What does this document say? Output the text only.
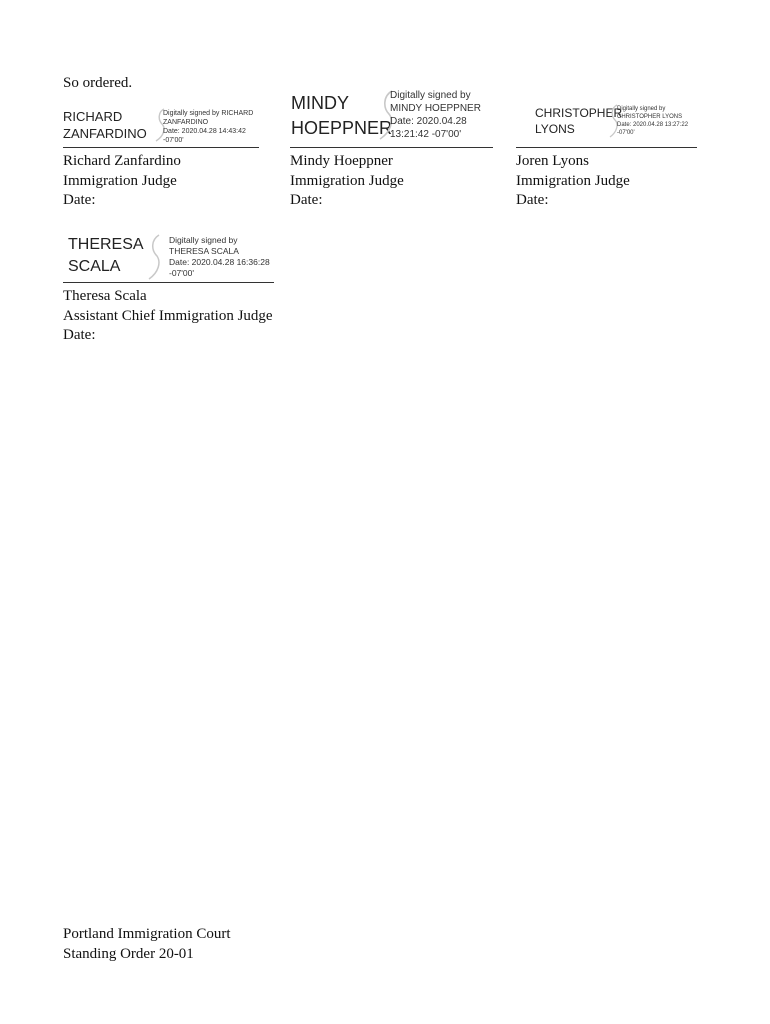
So ordered.
RICHARD
ZANFARDINO
Digitally signed by RICHARD
ZANFARDINO
Date: 2020.04.28 14:43:42
-07'00'
Richard Zanfardino
Immigration Judge
Date:
MINDY
HOEPPNER
Digitally signed by
MINDY HOEPPNER
Date: 2020.04.28
13:21:42 -07'00'
Mindy Hoeppner
Immigration Judge
Date:
CHRISTOPHER
LYONS
Digitally signed by
CHRISTOPHER LYONS
Date: 2020.04.28 13:27:22
-07'00'
Joren Lyons
Immigration Judge
Date:
THERESA
SCALA
Digitally signed by
THERESA SCALA
Date: 2020.04.28 16:36:28
-07'00'
Theresa Scala
Assistant Chief Immigration Judge
Date:
Portland Immigration Court
Standing Order 20-01
